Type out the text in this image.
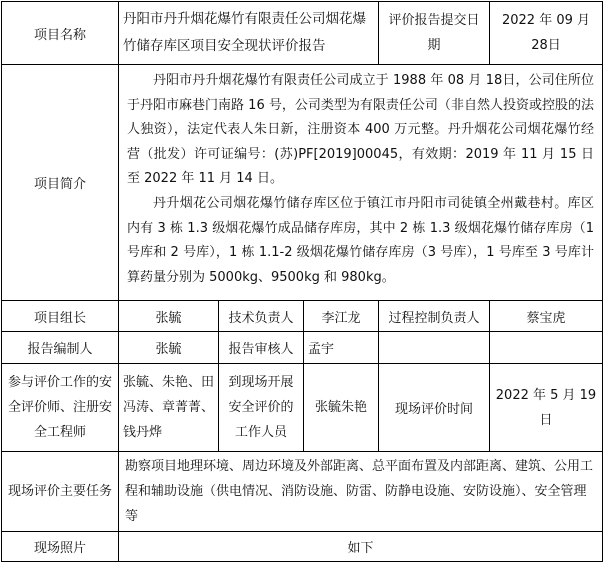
项目名称	丹阳市丹升烟花爆竹有限责任公司烟花爆竹储存库区项目安全现状评价报告			评价报告提交日期	2022 年 09 月 28日
项目简介	丹阳市丹升烟花爆竹有限责任公司成立于 1988 年 08 月 18日，公司住所位于丹阳市麻巷门南路 16 号，公司类型为有限责任公司（非自然人投资或控股的法人独资），法定代表人朱日新，注册资本 400 万元整。丹升烟花公司烟花爆竹经营（批发）许可证编号：(苏)PF[2019]00045，有效期：2019 年 11 月 15 日至 2022 年 11 月 14 日。

丹升烟花公司烟花爆竹储存库区位于镇江市丹阳市司徒镇全州戴巷村。库区内有 3 栋 1.3 级烟花爆竹成品储存库房，其中 2 栋 1.3 级烟花爆竹储存库房（1 号库和 2 号库），1 栋 1.1-2 级烟花爆竹储存库房（3 号库），1 号库至 3 号库计算药量分别为 5000kg、9500kg 和 980kg。				

项目组长	张毓	技术负责人	李江龙	过程控制负责人	蔡宝虎
报告编制人	张毓	报告审核人	孟宇		
参与评价工作的安全评价师、注册安全工程师	张毓、朱艳、田冯涛、章菁菁、钱丹烨	到现场开展安全评价的工作人员	张毓朱艳	现场评价时间	2022 年 5 月 19 日
现场评价主要任务	勘察项目地理环境、周边环境及外部距离、总平面布置及内部距离、建筑、公用工程和辅助设施（供电情况、消防设施、防雷、防静电设施、安防设施）、安全管理等				
现场照片	如下				
